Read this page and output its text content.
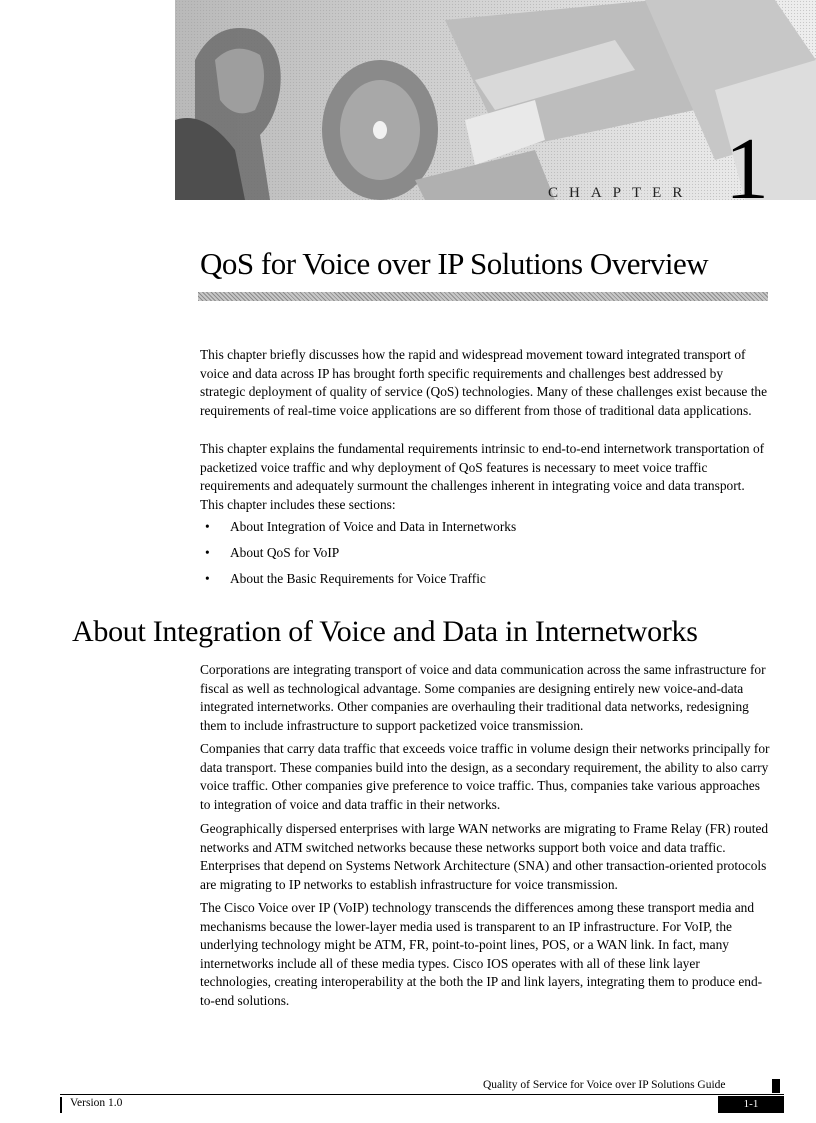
CHAPTER 1
QoS for Voice over IP Solutions Overview

This chapter briefly discusses how the rapid and widespread movement toward integrated transport of voice and data across IP has brought forth specific requirements and challenges best addressed by strategic deployment of quality of service (QoS) technologies. Many of these challenges exist because the requirements of real-time voice applications are so different from those of traditional data applications.

This chapter explains the fundamental requirements intrinsic to end-to-end internetwork transportation of packetized voice traffic and why deployment of QoS features is necessary to meet voice traffic requirements and adequately surmount the challenges inherent in integrating voice and data transport.

This chapter includes these sections:

• About Integration of Voice and Data in Internetworks
• About QoS for VoIP
• About the Basic Requirements for Voice Traffic
About Integration of Voice and Data in Internetworks

Corporations are integrating transport of voice and data communication across the same infrastructure for fiscal as well as technological advantage. Some companies are designing entirely new voice-and-data integrated internetworks. Other companies are overhauling their traditional data networks, redesigning them to include infrastructure to support packetized voice transmission.

Companies that carry data traffic that exceeds voice traffic in volume design their networks principally for data transport. These companies build into the design, as a secondary requirement, the ability to also carry voice traffic. Other companies give preference to voice traffic. Thus, companies take various approaches to integration of voice and data traffic in their networks.

Geographically dispersed enterprises with large WAN networks are migrating to Frame Relay (FR) routed networks and ATM switched networks because these networks support both voice and data traffic. Enterprises that depend on Systems Network Architecture (SNA) and other transaction-oriented protocols are migrating to IP networks to establish infrastructure for voice transmission.

The Cisco Voice over IP (VoIP) technology transcends the differences among these transport media and mechanisms because the lower-layer media used is transparent to an IP infrastructure. For VoIP, the underlying technology might be ATM, FR, point-to-point lines, POS, or a WAN link. In fact, many internetworks include all of these media types. Cisco IOS operates with all of these link layer technologies, creating interoperability at the both the IP and link layers, integrating them to produce end-to-end solutions.

Quality of Service for Voice over IP Solutions Guide
Version 1.0	1-1
